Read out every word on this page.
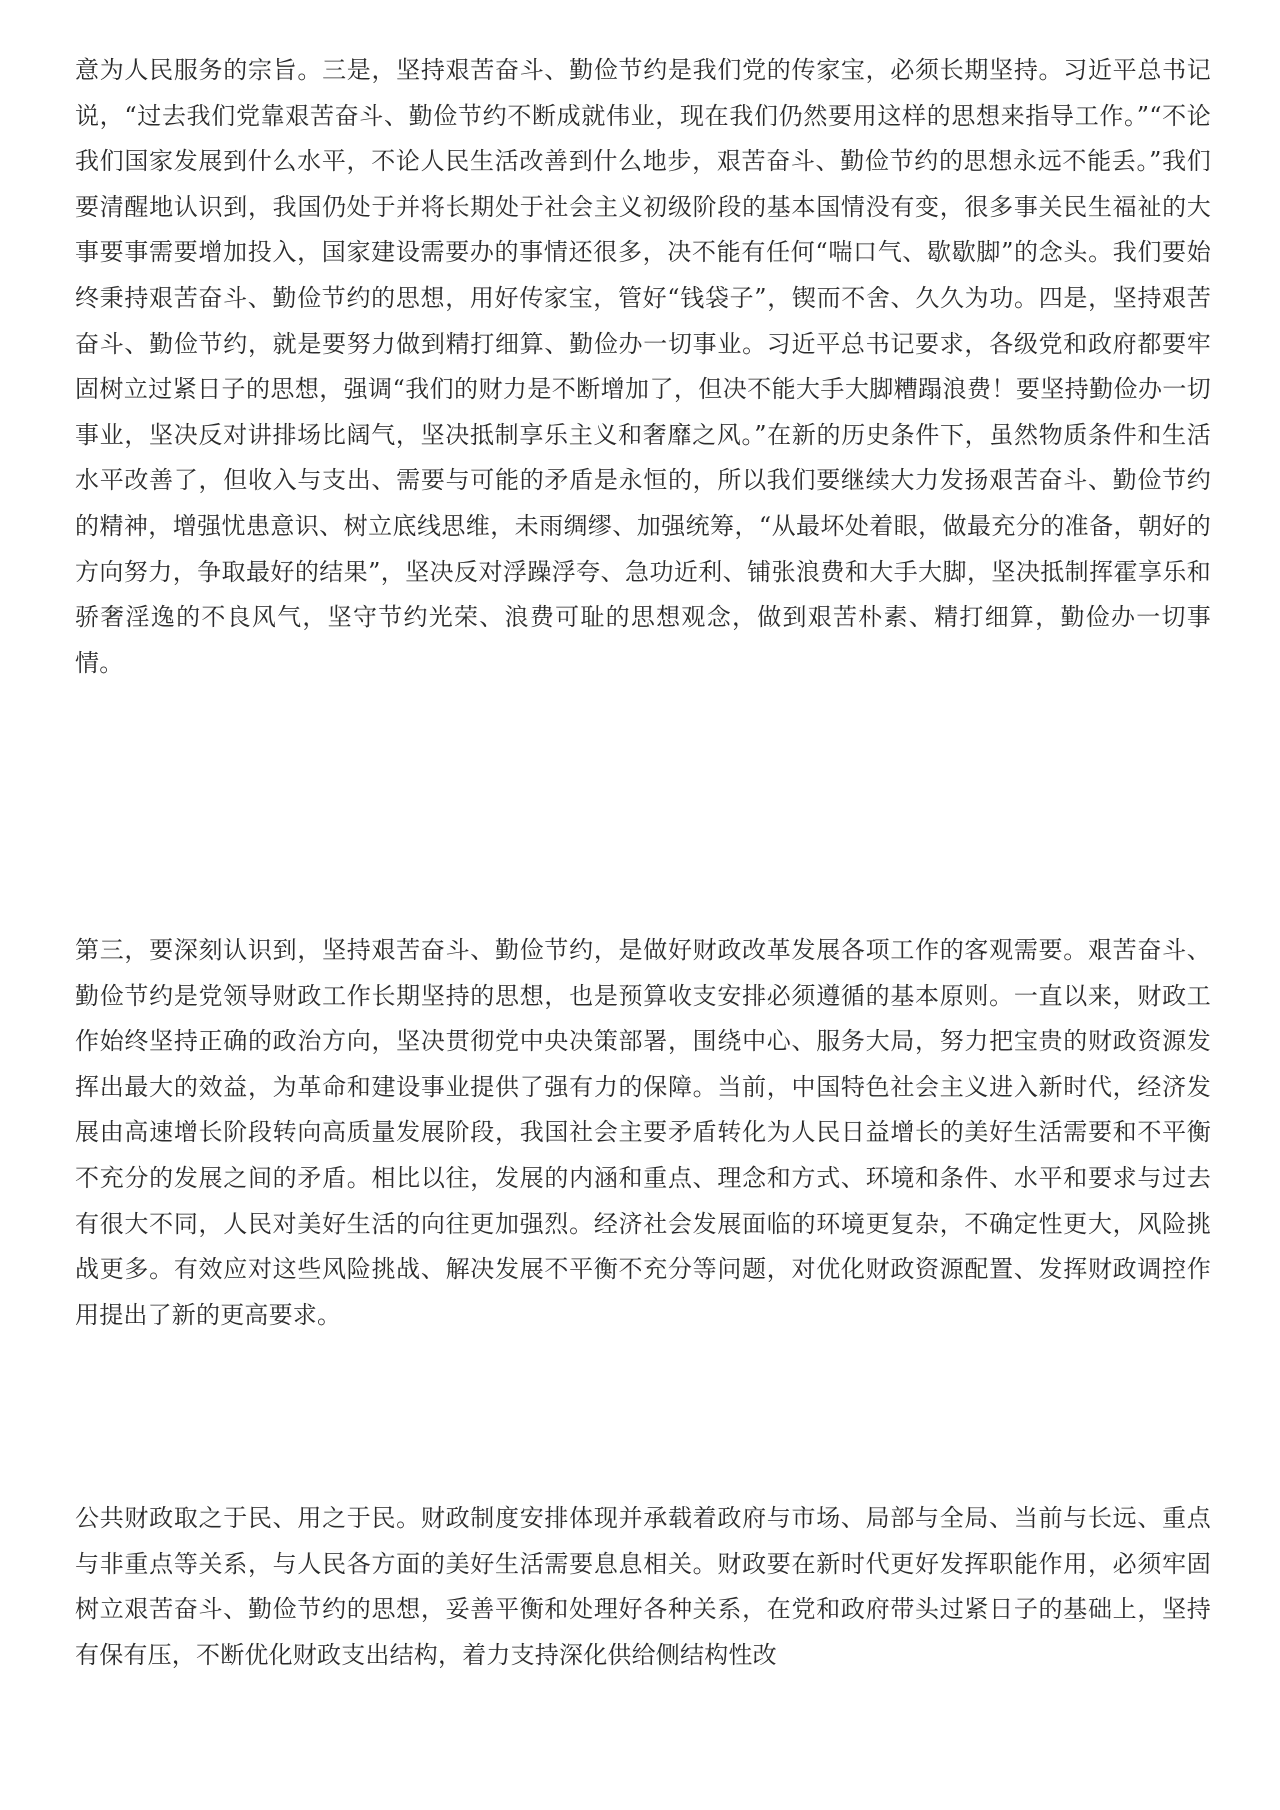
意为人民服务的宗旨。三是，坚持艰苦奋斗、勤俭节约是我们党的传家宝，必须长期坚持。习近平总书记说，“过去我们党靠艰苦奋斗、勤俭节约不断成就伟业，现在我们仍然要用这样的思想来指导工作。”“不论我们国家发展到什么水平，不论人民生活改善到什么地步，艰苦奋斗、勤俭节约的思想永远不能丢。”我们要清醒地认识到，我国仍处于并将长期处于社会主义初级阶段的基本国情没有变，很多事关民生福祉的大事要事需要增加投入，国家建设需要办的事情还很多，决不能有任何“喘口气、歇歇脚”的念头。我们要始终秉持艰苦奋斗、勤俭节约的思想，用好传家宝，管好“钱袋子”，锲而不舍、久久为功。四是，坚持艰苦奋斗、勤俭节约，就是要努力做到精打细算、勤俭办一切事业。习近平总书记要求，各级党和政府都要牢固树立过紧日子的思想，强调“我们的财力是不断增加了，但决不能大手大脚糟蹋浪费！要坚持勤俭办一切事业，坚决反对讲排场比阔气，坚决抵制享乐主义和奢靡之风。”在新的历史条件下，虽然物质条件和生活水平改善了，但收入与支出、需要与可能的矛盾是永恒的，所以我们要继续大力发扬艰苦奋斗、勤俭节约的精神，增强忧患意识、树立底线思维，未雨绸缪、加强统筹，“从最坏处着眼，做最充分的准备，朝好的方向努力，争取最好的结果”，坚决反对浮躁浮夸、急功近利、铺张浪费和大手大脚，坚决抵制挥霍享乐和骄奢淫逸的不良风气，坚守节约光荣、浪费可耻的思想观念，做到艰苦朴素、精打细算，勤俭办一切事情。

第三，要深刻认识到，坚持艰苦奋斗、勤俭节约，是做好财政改革发展各项工作的客观需要。艰苦奋斗、勤俭节约是党领导财政工作长期坚持的思想，也是预算收支安排必须遵循的基本原则。一直以来，财政工作始终坚持正确的政治方向，坚决贯彻党中央决策部署，围绕中心、服务大局，努力把宝贵的财政资源发挥出最大的效益，为革命和建设事业提供了强有力的保障。当前，中国特色社会主义进入新时代，经济发展由高速增长阶段转向高质量发展阶段，我国社会主要矛盾转化为人民日益增长的美好生活需要和不平衡不充分的发展之间的矛盾。相比以往，发展的内涵和重点、理念和方式、环境和条件、水平和要求与过去有很大不同，人民对美好生活的向往更加强烈。经济社会发展面临的环境更复杂，不确定性更大，风险挑战更多。有效应对这些风险挑战、解决发展不平衡不充分等问题，对优化财政资源配置、发挥财政调控作用提出了新的更高要求。

公共财政取之于民、用之于民。财政制度安排体现并承载着政府与市场、局部与全局、当前与长远、重点与非重点等关系，与人民各方面的美好生活需要息息相关。财政要在新时代更好发挥职能作用，必须牢固树立艰苦奋斗、勤俭节约的思想，妥善平衡和处理好各种关系，在党和政府带头过紧日子的基础上，坚持有保有压，不断优化财政支出结构，着力支持深化供给侧结构性改
